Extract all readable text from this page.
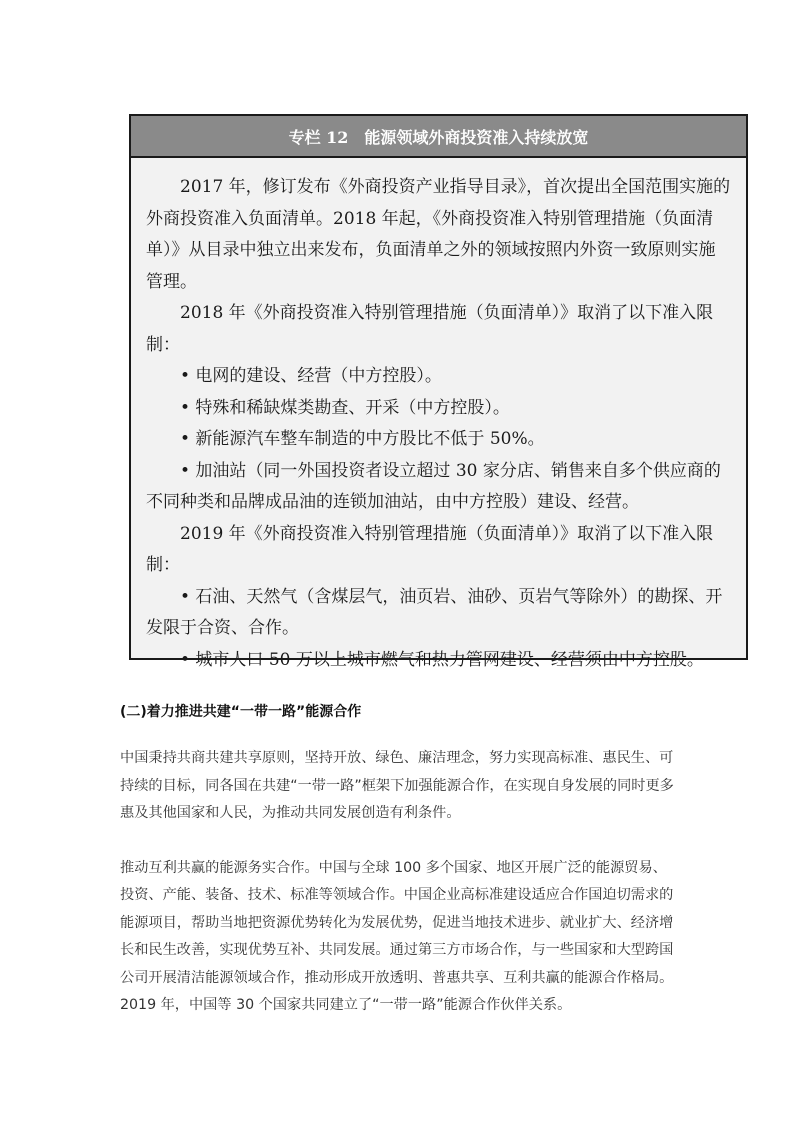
专栏 12　能源领域外商投资准入持续放宽

2017 年，修订发布《外商投资产业指导目录》，首次提出全国范围实施的外商投资准入负面清单。2018 年起，《外商投资准入特别管理措施（负面清单）》从目录中独立出来发布，负面清单之外的领域按照内外资一致原则实施管理。

2018 年《外商投资准入特别管理措施（负面清单）》取消了以下准入限制：

• 电网的建设、经营（中方控股）。

• 特殊和稀缺煤类勘查、开采（中方控股）。

• 新能源汽车整车制造的中方股比不低于 50%。

• 加油站（同一外国投资者设立超过 30 家分店、销售来自多个供应商的不同种类和品牌成品油的连锁加油站，由中方控股）建设、经营。

2019 年《外商投资准入特别管理措施（负面清单）》取消了以下准入限制：

• 石油、天然气（含煤层气，油页岩、油砂、页岩气等除外）的勘探、开发限于合资、合作。

• 城市人口 50 万以上城市燃气和热力管网建设、经营须由中方控股。

(二)着力推进共建“一带一路”能源合作

中国秉持共商共建共享原则，坚持开放、绿色、廉洁理念，努力实现高标准、惠民生、可持续的目标，同各国在共建“一带一路”框架下加强能源合作，在实现自身发展的同时更多惠及其他国家和人民，为推动共同发展创造有利条件。

推动互利共赢的能源务实合作。中国与全球 100 多个国家、地区开展广泛的能源贸易、投资、产能、装备、技术、标准等领域合作。中国企业高标准建设适应合作国迫切需求的能源项目，帮助当地把资源优势转化为发展优势，促进当地技术进步、就业扩大、经济增长和民生改善，实现优势互补、共同发展。通过第三方市场合作，与一些国家和大型跨国公司开展清洁能源领域合作，推动形成开放透明、普惠共享、互利共赢的能源合作格局。2019 年，中国等 30 个国家共同建立了“一带一路”能源合作伙伴关系。
